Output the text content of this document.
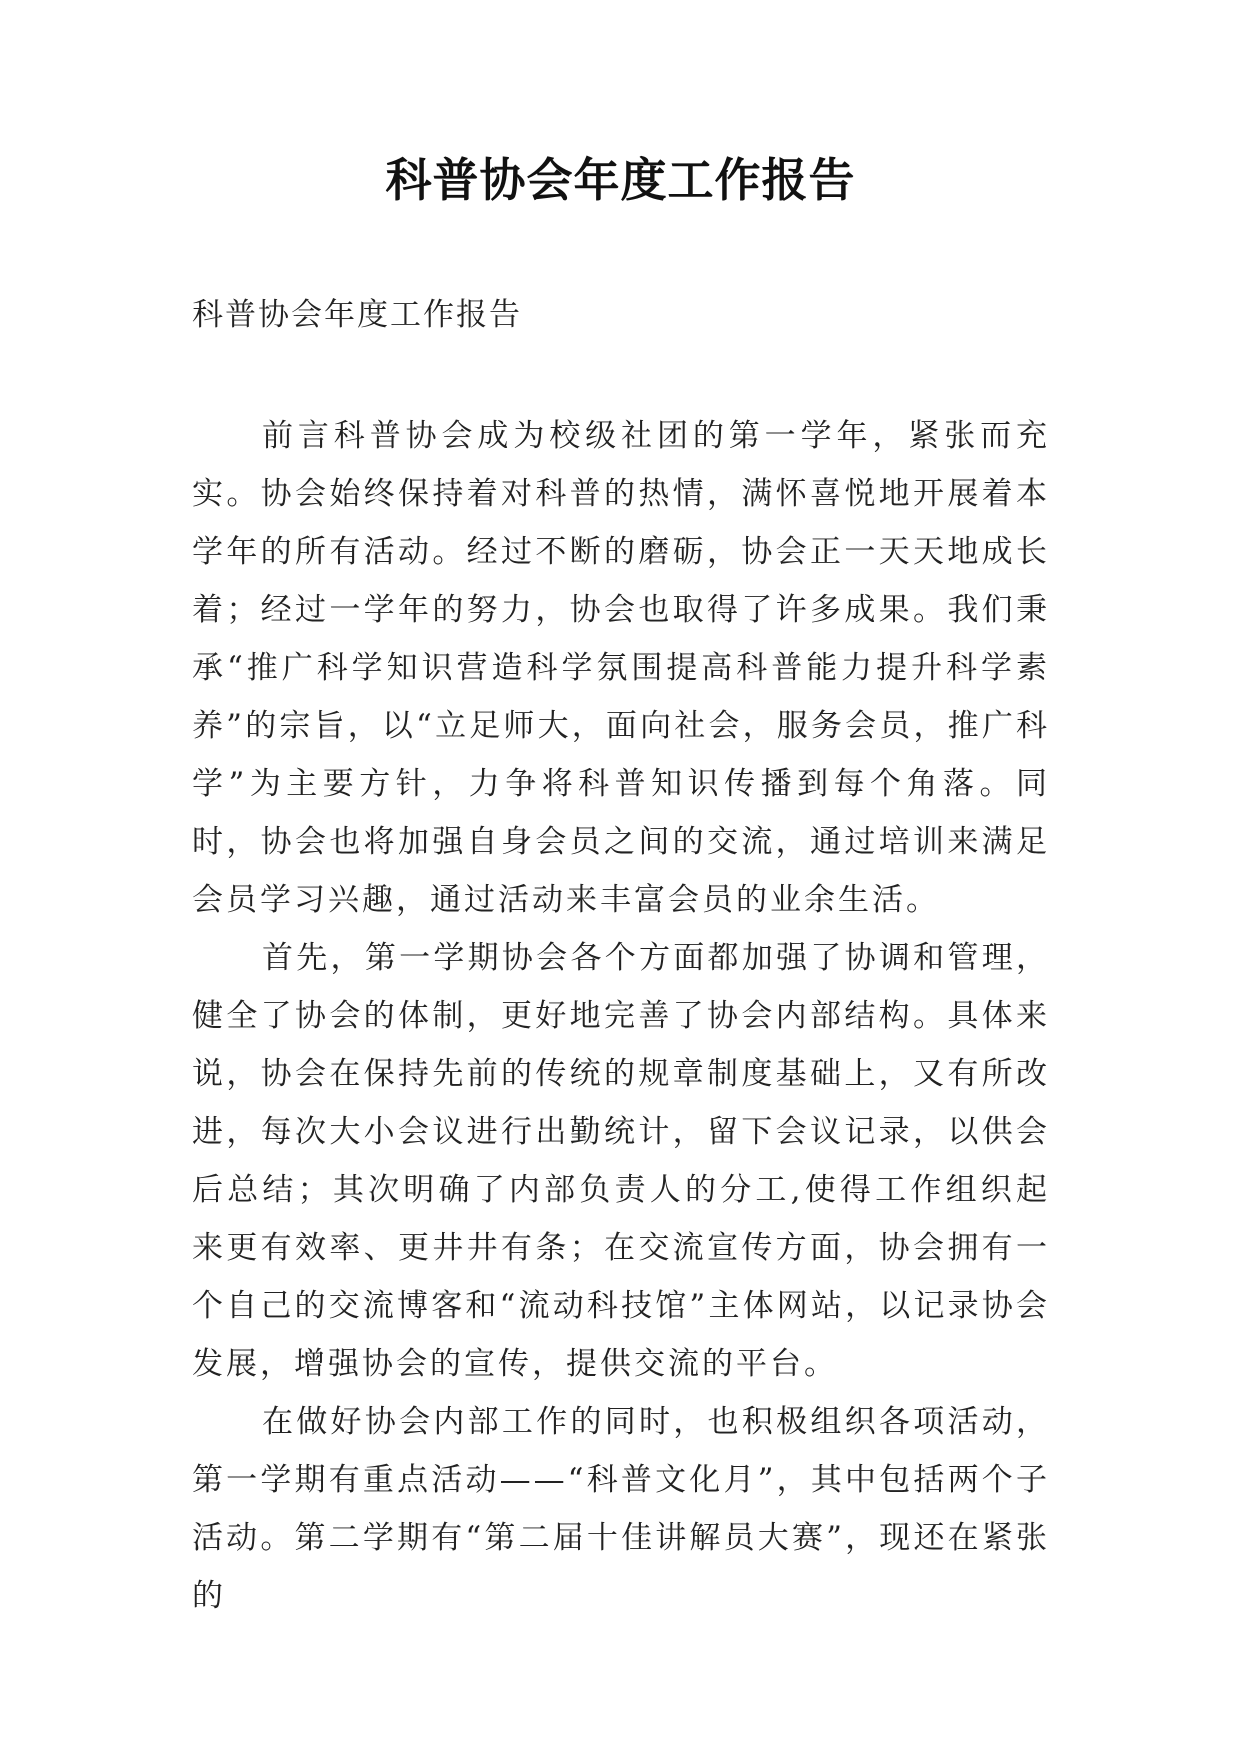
科普协会年度工作报告

科普协会年度工作报告

前言科普协会成为校级社团的第一学年，紧张而充实。协会始终保持着对科普的热情，满怀喜悦地开展着本学年的所有活动。经过不断的磨砺，协会正一天天地成长着；经过一学年的努力，协会也取得了许多成果。我们秉承“推广科学知识营造科学氛围提高科普能力提升科学素养”的宗旨，以“立足师大，面向社会，服务会员，推广科学”为主要方针，力争将科普知识传播到每个角落。同时，协会也将加强自身会员之间的交流，通过培训来满足会员学习兴趣，通过活动来丰富会员的业余生活。

首先，第一学期协会各个方面都加强了协调和管理，健全了协会的体制，更好地完善了协会内部结构。具体来说，协会在保持先前的传统的规章制度基础上，又有所改进，每次大小会议进行出勤统计，留下会议记录，以供会后总结；其次明确了内部负责人的分工,使得工作组织起来更有效率、更井井有条；在交流宣传方面，协会拥有一个自己的交流博客和“流动科技馆”主体网站，以记录协会发展，增强协会的宣传，提供交流的平台。

在做好协会内部工作的同时，也积极组织各项活动，第一学期有重点活动——“科普文化月”，其中包括两个子活动。第二学期有“第二届十佳讲解员大赛”，现还在紧张的
